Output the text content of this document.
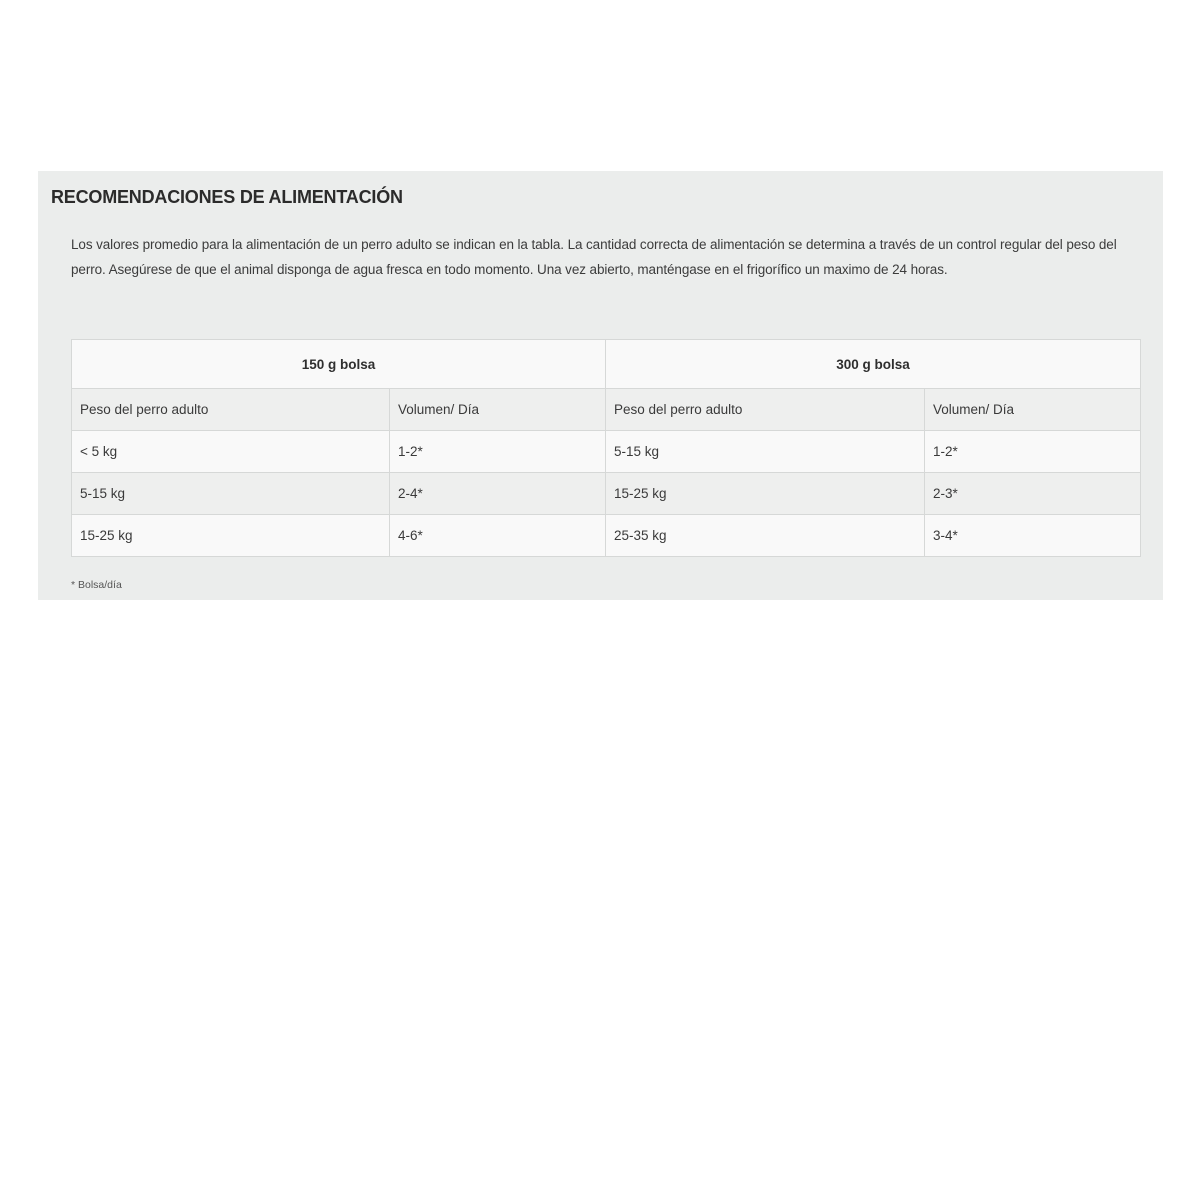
RECOMENDACIONES DE ALIMENTACIÓN

Los valores promedio para la alimentación de un perro adulto se indican en la tabla. La cantidad correcta de alimentación se determina a través de un control regular del peso del perro. Asegúrese de que el animal disponga de agua fresca en todo momento. Una vez abierto, manténgase en el frigorífico un maximo de 24 horas.

150 g bolsa		300 g bolsa	
Peso del perro adulto	Volumen/ Día	Peso del perro adulto	Volumen/ Día
< 5 kg	1-2*	5-15 kg	1-2*
5-15 kg	2-4*	15-25 kg	2-3*
15-25 kg	4-6*	25-35 kg	3-4*

* Bolsa/día
